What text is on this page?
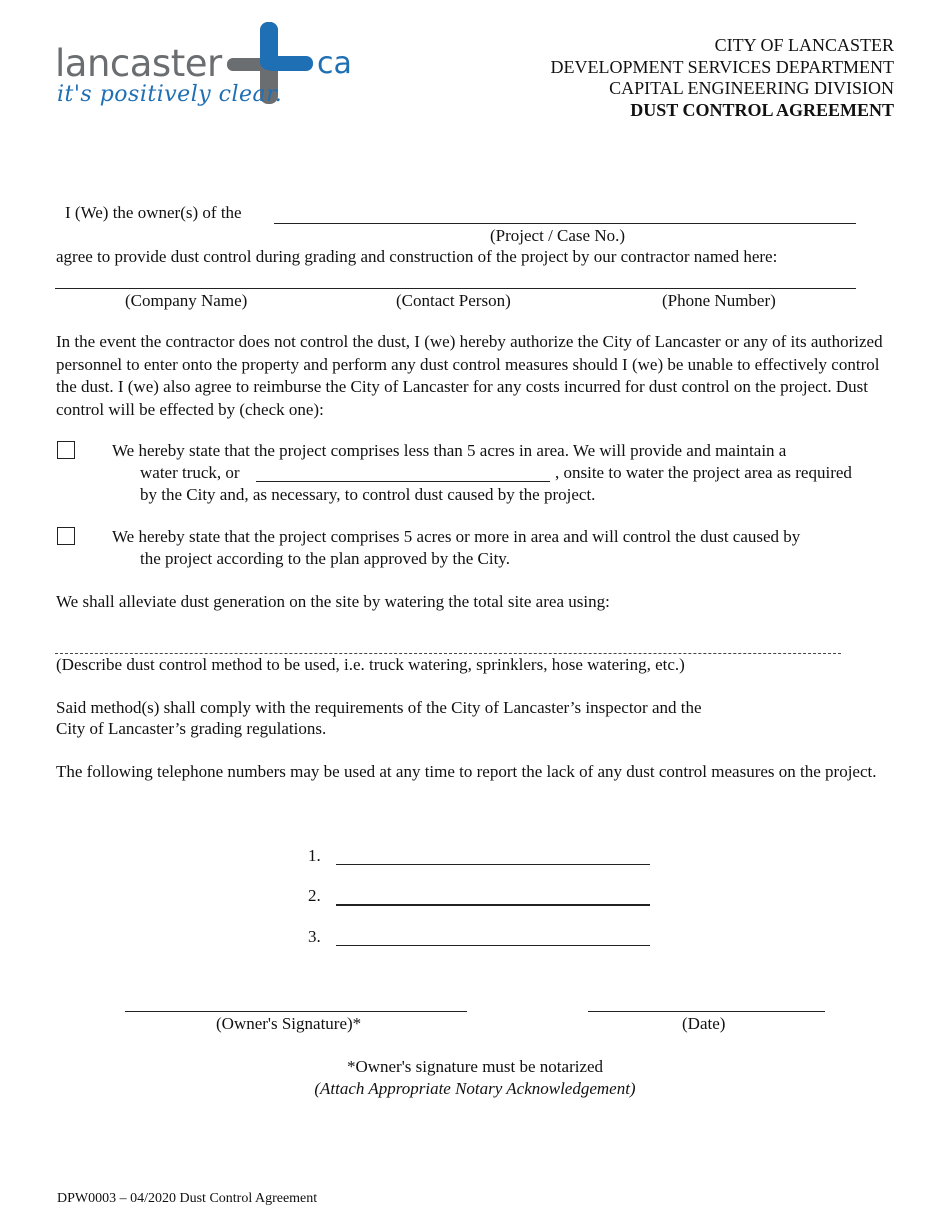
lancaster	ca
it's positively clear.
CITY OF LANCASTER
DEVELOPMENT SERVICES DEPARTMENT
CAPITAL ENGINEERING DIVISION
DUST CONTROL AGREEMENT
I (We) the owner(s) of the
(Project / Case No.)
agree to provide dust control during grading and construction of the project by our contractor named here:
(Company Name)	(Contact Person)	(Phone Number)
In the event the contractor does not control the dust, I (we) hereby authorize the City of Lancaster or any of its authorized personnel to enter onto the property and perform any dust control measures should I (we) be unable to effectively control the dust. I (we) also agree to reimburse the City of Lancaster for any costs incurred for dust control on the project. Dust control will be effected by (check one):
We hereby state that the project comprises less than 5 acres in area. We will provide and maintain a
water truck, or	, onsite to water the project area as required
by the City and, as necessary, to control dust caused by the project.
We hereby state that the project comprises 5 acres or more in area and will control the dust caused by
the project according to the plan approved by the City.
We shall alleviate dust generation on the site by watering the total site area using:
(Describe dust control method to be used, i.e. truck watering, sprinklers, hose watering, etc.)
Said method(s) shall comply with the requirements of the City of Lancaster’s inspector and the
City of Lancaster’s grading regulations.
The following telephone numbers may be used at any time to report the lack of any dust control measures on the project.
1.
2.
3.
(Owner's Signature)*	(Date)
*Owner's signature must be notarized
(Attach Appropriate Notary Acknowledgement)
DPW0003 – 04/2020 Dust Control Agreement
